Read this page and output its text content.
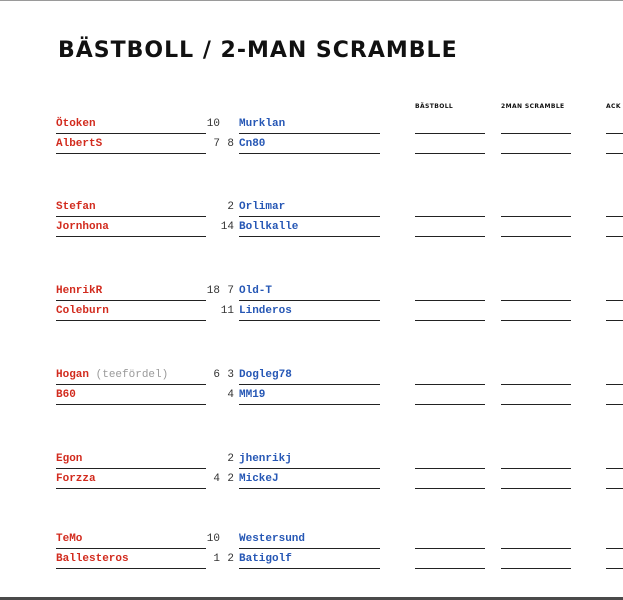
BÄSTBOLL / 2-MAN SCRAMBLE
BÄSTBOLL	2MAN SCRAMBLE	ACK
Ötoken	10 Murklan
AlbertS	7 8 Cn80
Stefan	2 Orlimar
Jornhona	14 Bollkalle
HenrikR	18 7 Old-T
Coleburn	11 Linderos
Hogan (teefördel)	6 3 Dogleg78
B60	4 MM19
Egon	2 jhenrikj
Forzza	4 2 MickeJ
TeMo	10 Westersund
Ballesteros	1 2 Batigolf
